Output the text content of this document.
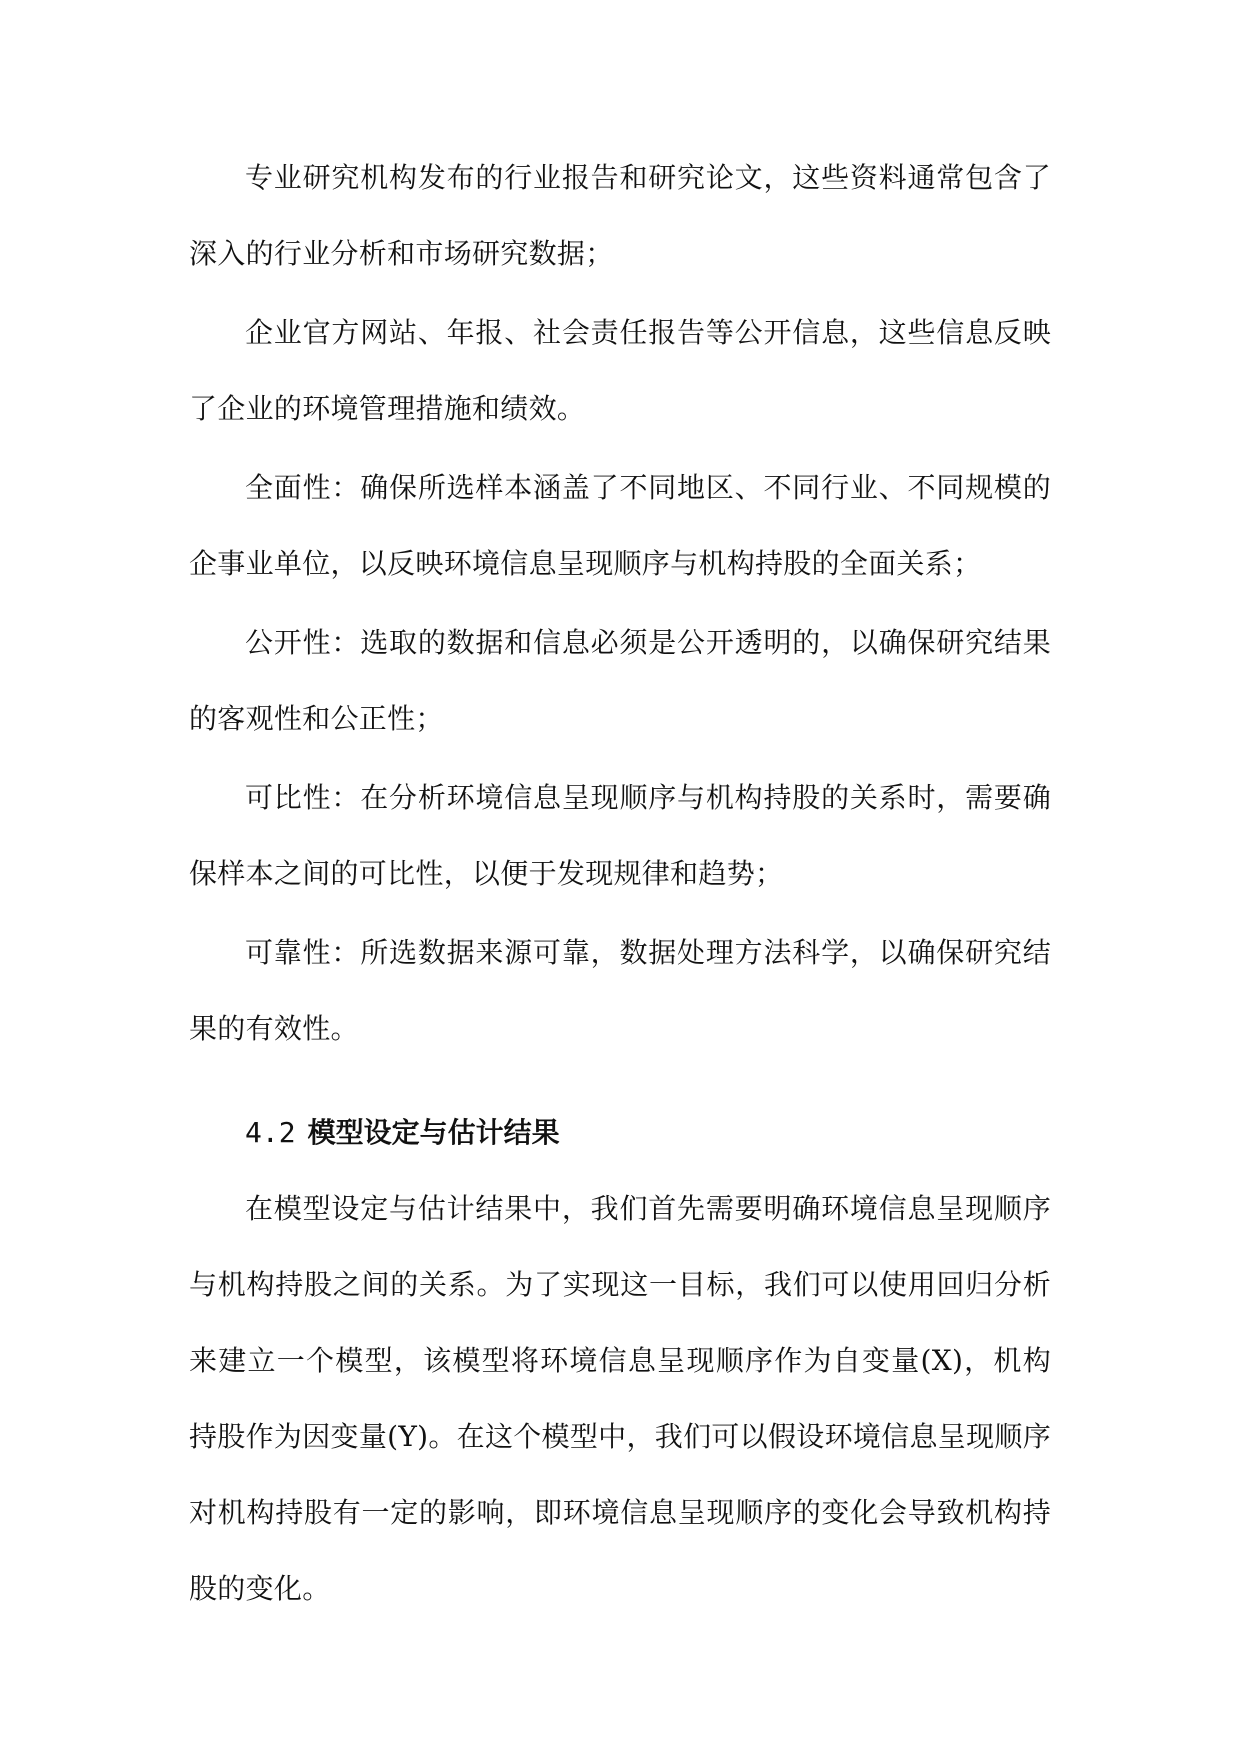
专业研究机构发布的行业报告和研究论文，这些资料通常包含了深入的行业分析和市场研究数据；

企业官方网站、年报、社会责任报告等公开信息，这些信息反映了企业的环境管理措施和绩效。

全面性：确保所选样本涵盖了不同地区、不同行业、不同规模的企事业单位，以反映环境信息呈现顺序与机构持股的全面关系；

公开性：选取的数据和信息必须是公开透明的，以确保研究结果的客观性和公正性；

可比性：在分析环境信息呈现顺序与机构持股的关系时，需要确保样本之间的可比性，以便于发现规律和趋势；

可靠性：所选数据来源可靠，数据处理方法科学，以确保研究结果的有效性。

4.2 模型设定与估计结果

在模型设定与估计结果中，我们首先需要明确环境信息呈现顺序与机构持股之间的关系。为了实现这一目标，我们可以使用回归分析来建立一个模型，该模型将环境信息呈现顺序作为自变量(X)，机构持股作为因变量(Y)。在这个模型中，我们可以假设环境信息呈现顺序对机构持股有一定的影响，即环境信息呈现顺序的变化会导致机构持股的变化。
